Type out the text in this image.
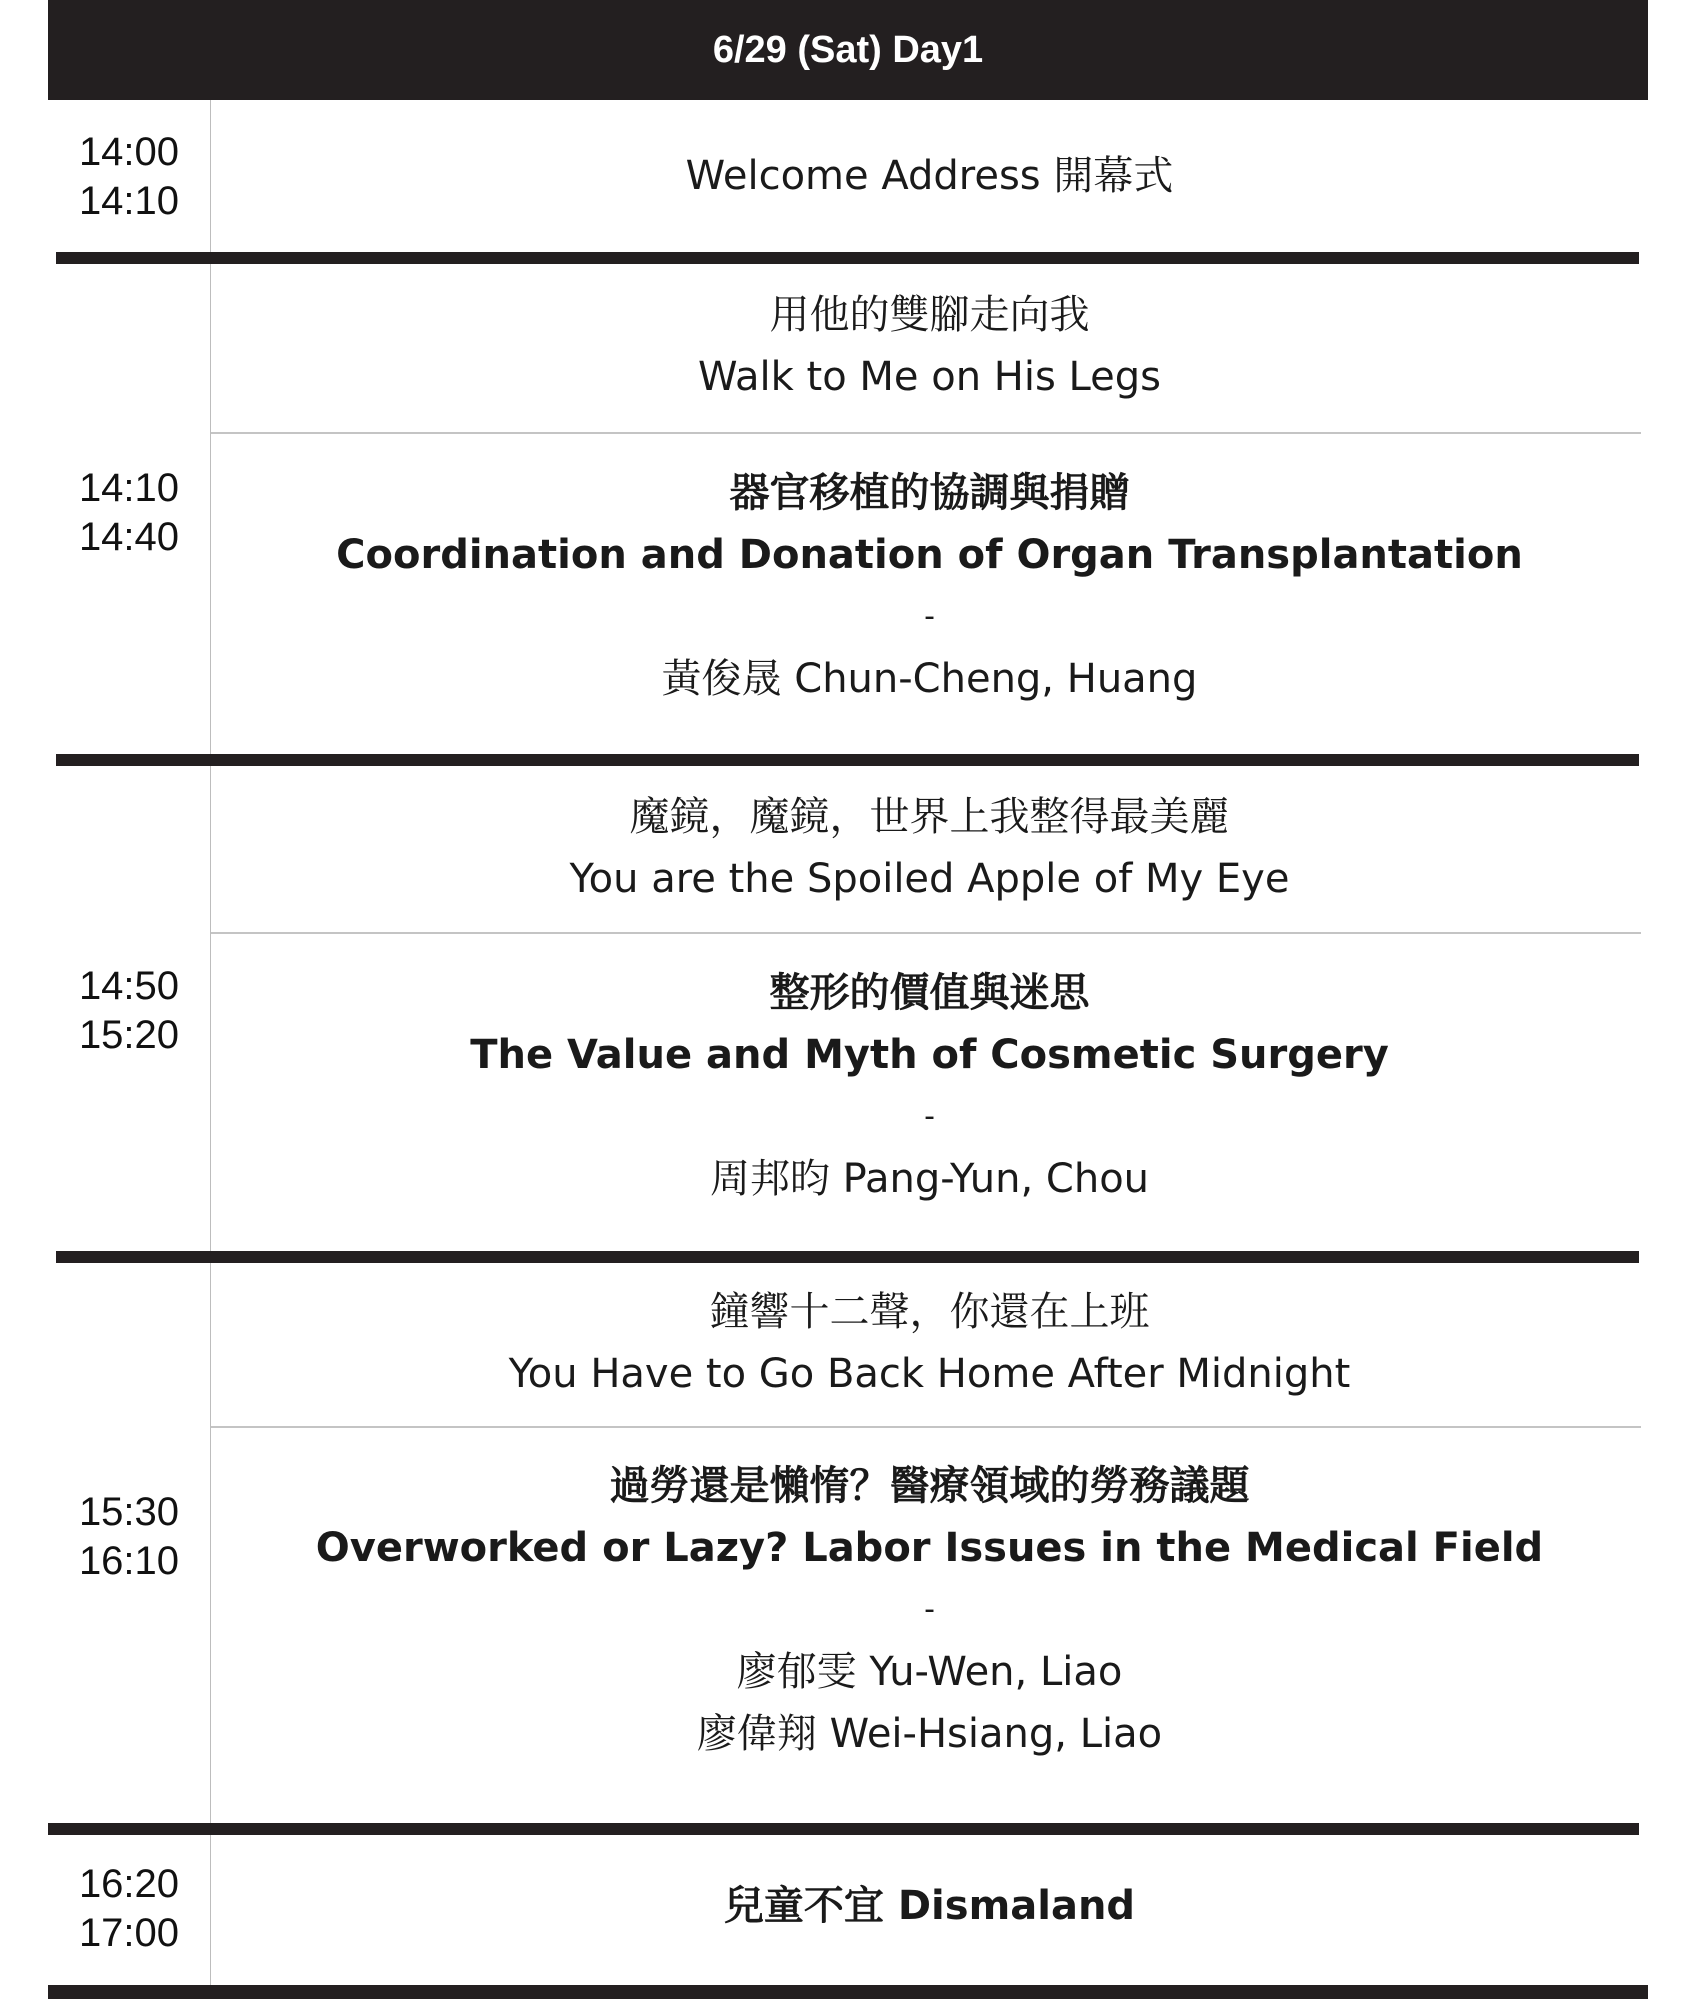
6/29 (Sat) Day1
14:00
14:10
Welcome Address 開幕式
14:10
14:40
用他的雙腳走向我
Walk to Me on His Legs
器官移植的協調與捐贈
Coordination and Donation of Organ Transplantation
-
黃俊晟 Chun-Cheng, Huang
14:50
15:20
魔鏡，魔鏡，世界上我整得最美麗
You are the Spoiled Apple of My Eye
整形的價值與迷思
The Value and Myth of Cosmetic Surgery
-
周邦昀 Pang-Yun, Chou
15:30
16:10
鐘響十二聲，你還在上班
You Have to Go Back Home After Midnight
過勞還是懶惰？醫療領域的勞務議題
Overworked or Lazy? Labor Issues in the Medical Field
-
廖郁雯 Yu-Wen, Liao
廖偉翔 Wei-Hsiang, Liao
16:20
17:00
兒童不宜 Dismaland
